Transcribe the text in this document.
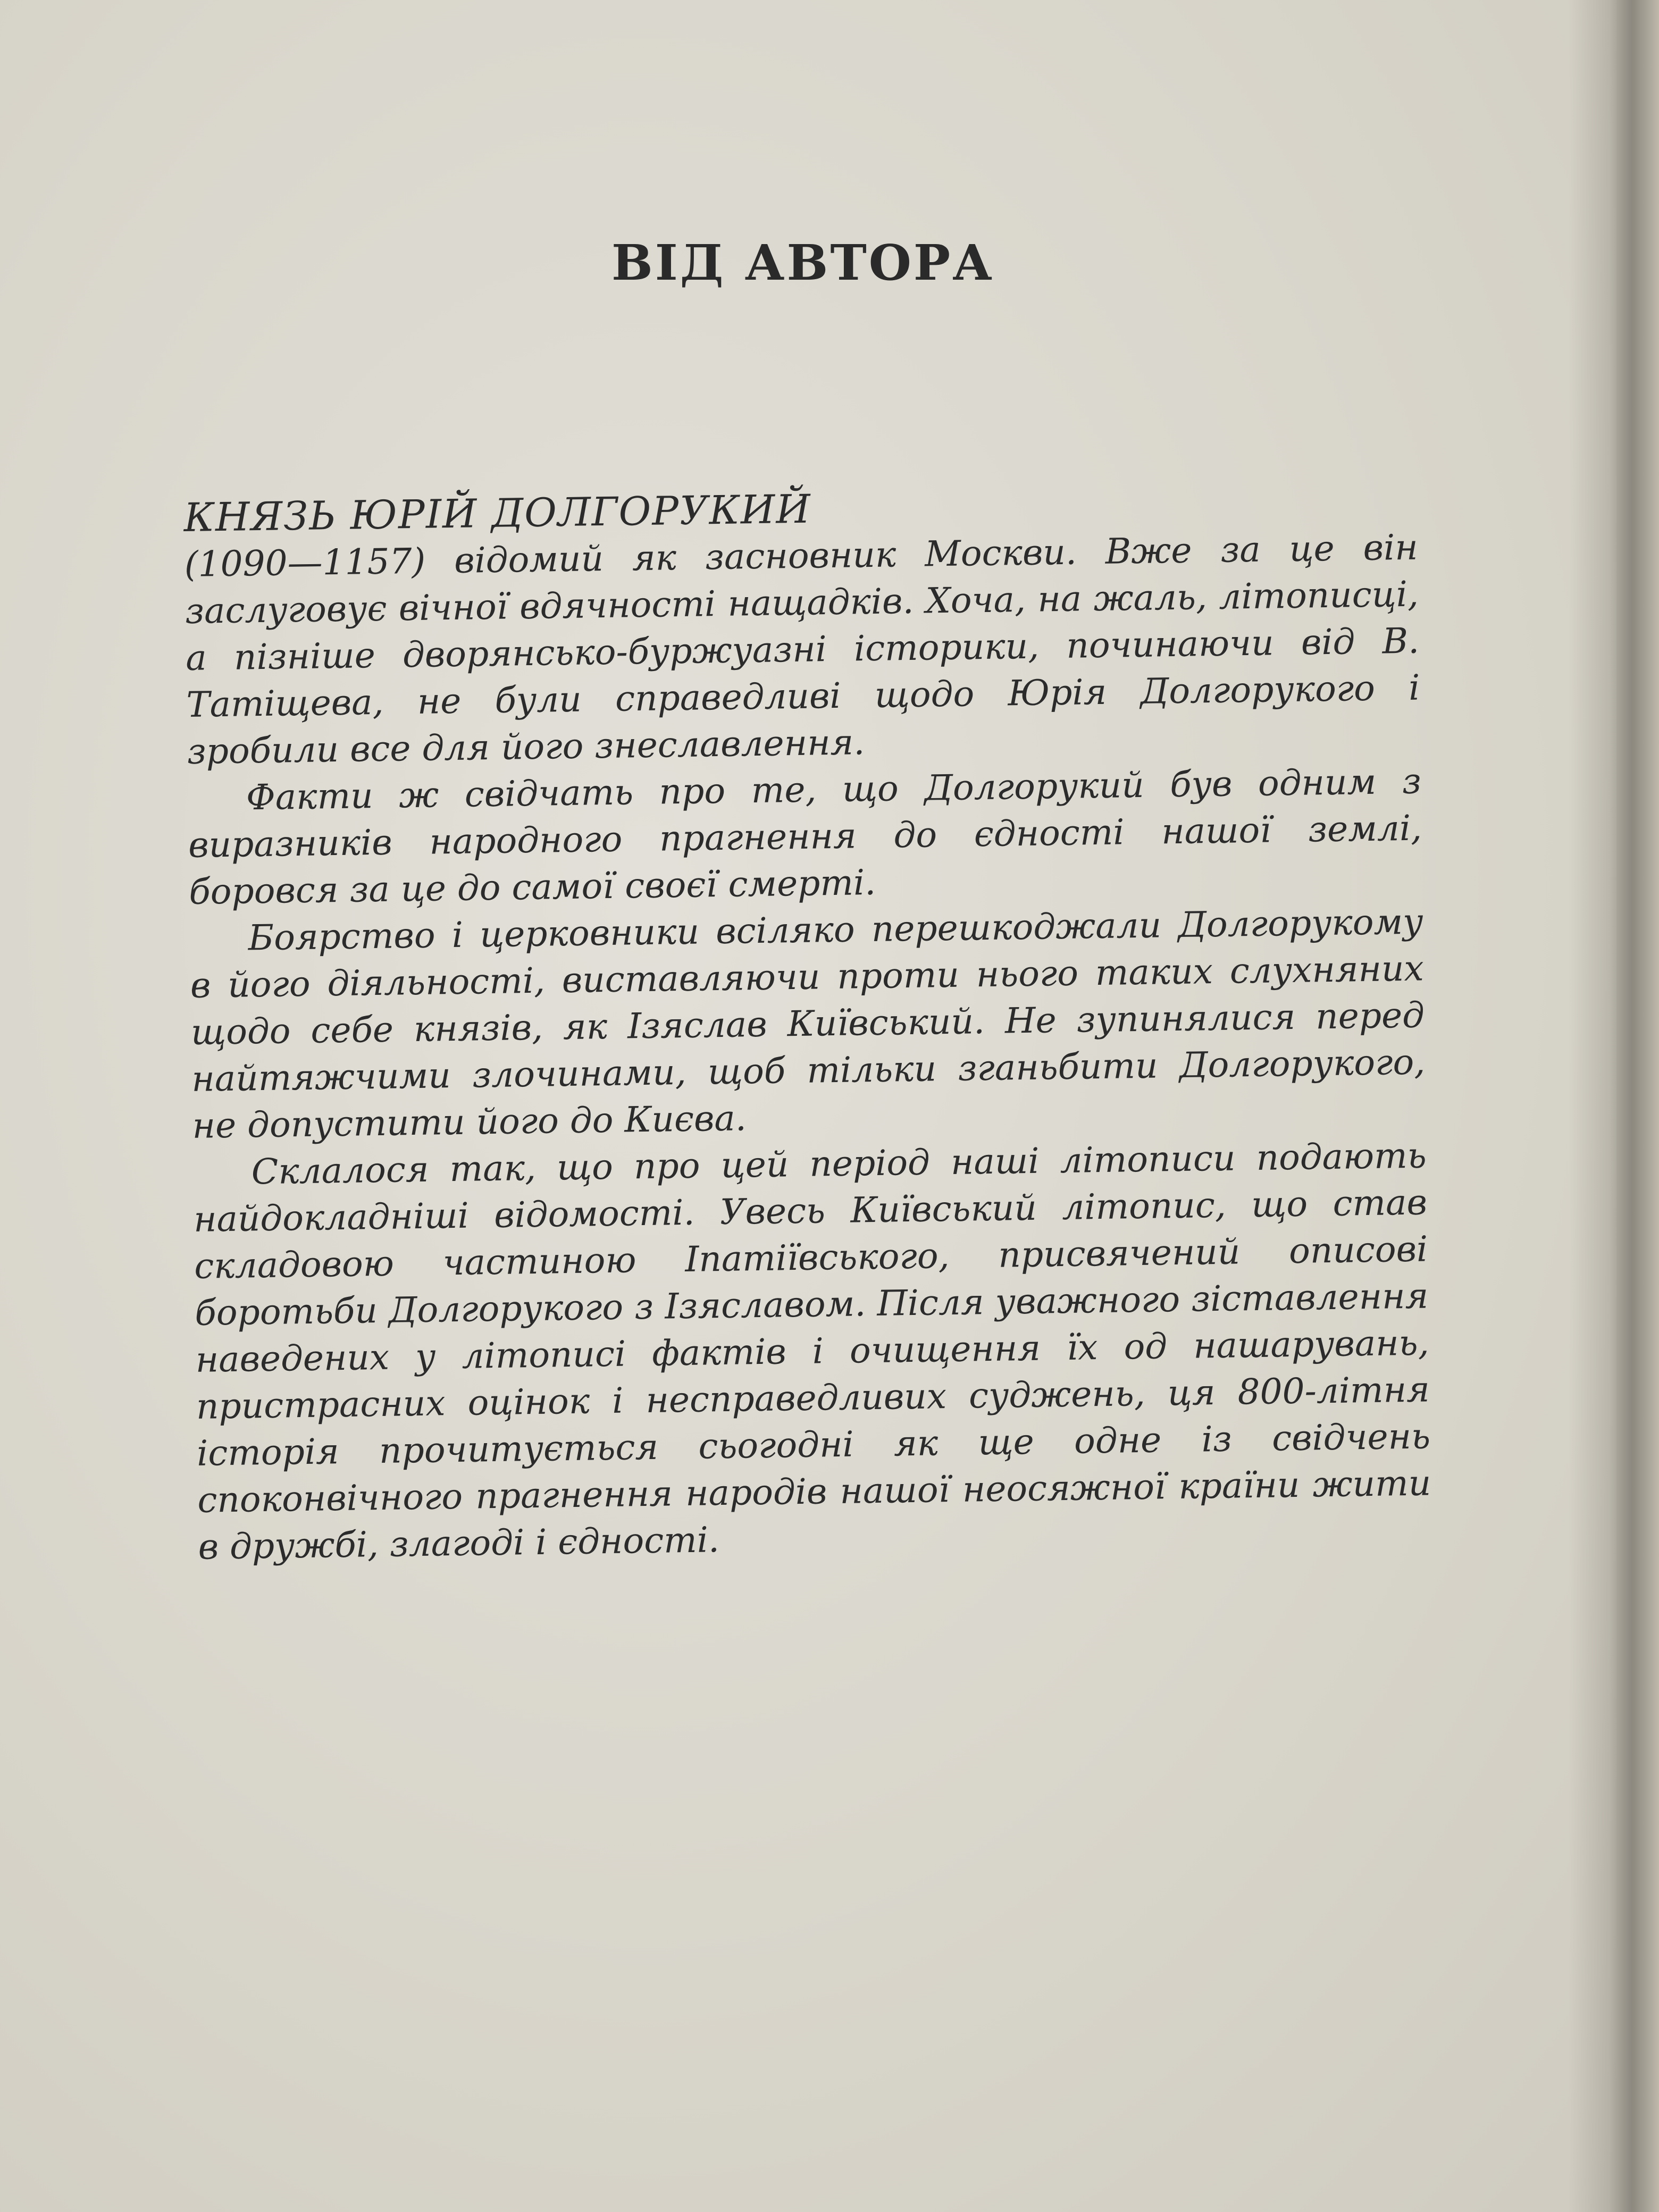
ВІД АВТОРА

КНЯЗЬ ЮРІЙ ДОЛГОРУКИЙ

(1090—1157) відомий як засновник Москви. Вже за це він заслуговує вічної вдячності нащадків. Хоча, на жаль, літописці, а пізніше дворянсько-буржуазні історики, починаючи від В. Татіщева, не були справедливі щодо Юрія Долгорукого і зробили все для його знеславлення.

Факти ж свідчать про те, що Долгорукий був одним з виразників народного прагнення до єдності нашої землі, боровся за це до самої своєї смерті.

Боярство і церковники всіляко перешкоджали Долгорукому в його діяльності, виставляючи проти нього таких слухняних щодо себе князів, як Ізяслав Київський. Не зупинялися перед найтяжчими злочинами, щоб тільки зганьбити Долгорукого, не допустити його до Києва.

Склалося так, що про цей період наші літописи подають найдокладніші відомості. Увесь Київський літопис, що став складовою частиною Іпатіївського, присвячений описові боротьби Долгорукого з Ізяславом. Після уважного зіставлення наведених у літописі фактів і очищення їх од нашарувань, пристрасних оцінок і несправедливих суджень, ця 800-літня історія прочитується сьогодні як ще одне із свідчень споконвічного прагнення народів нашої неосяжної країни жити в дружбі, злагоді і єдності.
